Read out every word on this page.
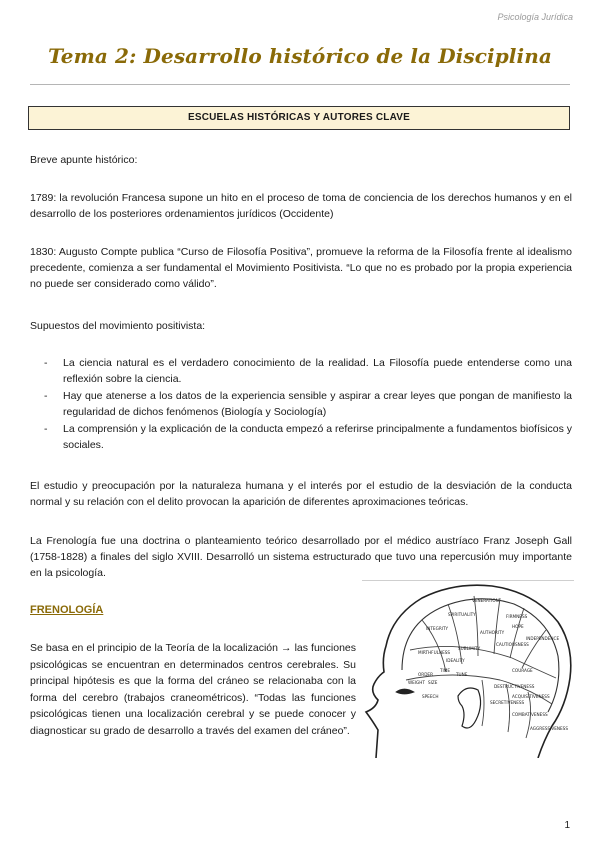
Psicología Jurídica
Tema 2: Desarrollo histórico de la Disciplina
ESCUELAS HISTÓRICAS Y AUTORES CLAVE

Breve apunte histórico:

1789: la revolución Francesa supone un hito en el proceso de toma de conciencia de los derechos humanos y en el desarrollo de los posteriores ordenamientos jurídicos (Occidente)

1830: Augusto Compte publica “Curso de Filosofía Positiva”, promueve la reforma de la Filosofía frente al idealismo precedente, comienza a ser fundamental el Movimiento Positivista. “Lo que no es probado por la propia experiencia no puede ser considerado como válido”.

Supuestos del movimiento positivista:

- La ciencia natural es el verdadero conocimiento de la realidad. La Filosofía puede entenderse como una reflexión sobre la ciencia.
- Hay que atenerse a los datos de la experiencia sensible y aspirar a crear leyes que pongan de manifiesto la regularidad de dichos fenómenos (Biología y Sociología)
- La comprensión y la explicación de la conducta empezó a referirse principalmente a fundamentos biofísicos y sociales.

El estudio y preocupación por la naturaleza humana y el interés por el estudio de la desviación de la conducta normal y su relación con el delito provocan la aparición de diferentes aproximaciones teóricas.

La Frenología fue una doctrina o planteamiento teórico desarrollado por el médico austríaco Franz Joseph Gall (1758-1828) a finales del siglo XVIII. Desarrolló un sistema estructurado que tuvo una repercusión muy importante en la psicología.

FRENOLOGÍA

Se basa en el principio de la Teoría de la localización → las funciones psicológicas se encuentran en determinados centros cerebrales. Su principal hipótesis es que la forma del cráneo se relacionaba con la forma del cerebro (trabajos craneométricos). “Todas las funciones psicológicas tienen una localización cerebral y se puede conocer y diagnosticar su grado de desarrollo a través del examen del cráneo”.

VENERATION
SPIRITUALITY	FIRMNESS
INTEGRITY
AUTHORITY
CAUTIOUSNESS
INDEPENDENCE
COURAGE
DESTRUCTIVENESS
ACQUISITIVENESS
AGGRESSIVENESS
SECRETIVENESS
COMBATIVENESS
SPEECH
HOPE
MIRTHFULNESS
SUBLIMITY
IDEALITY
ORDER
WEIGHT SIZE
TUNE
TIME
1
